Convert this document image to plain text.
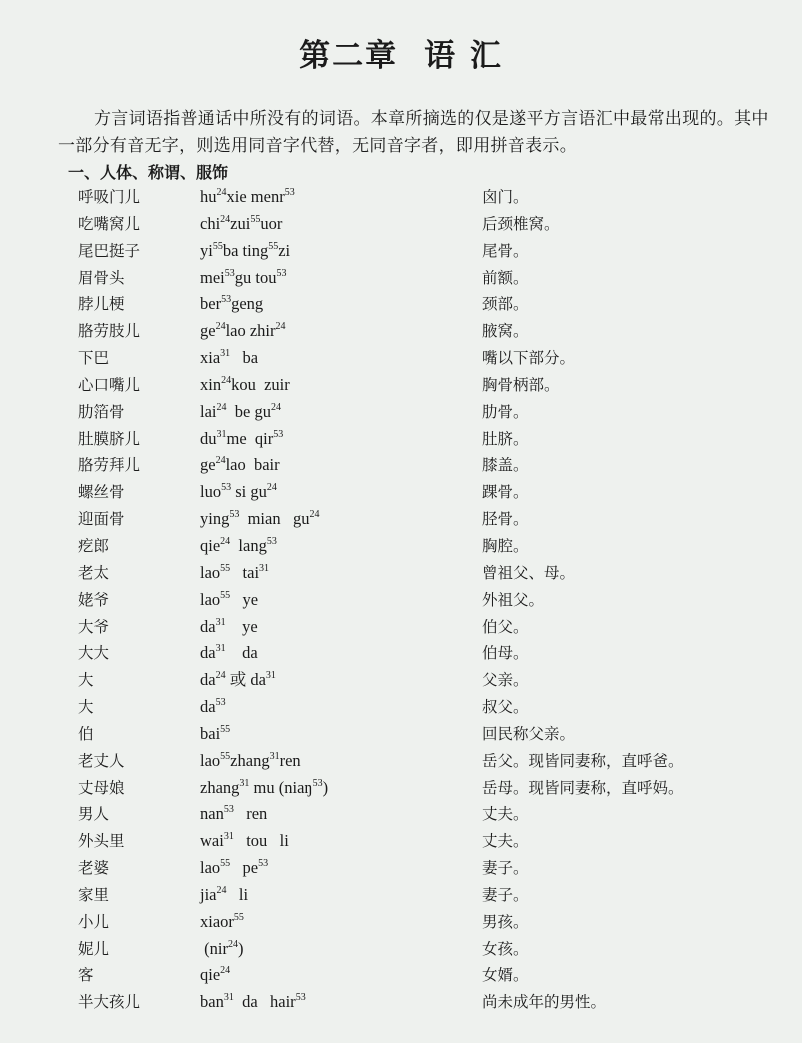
第二章 语 汇
方言词语指普通话中所没有的词语。本章所摘选的仅是遂平方言语汇中最常出现的。其中一部分有音无字，则选用同音字代替，无同音字者，即用拼音表示。
一、人体、称谓、服饰
呼吸门儿	$hu^{24}xie$ menr$^{53}$	囟门。
吃嘴窝儿	chi$^{24}$zui$^{55}$uor	后颈椎窝。
尾巴挺子	$yi^{55}ba$ ting$^{55}$zi	尾骨。
眉骨头	mei$^{53}$gu tou$^{53}$	前额。
脖儿梗	ber$^{53}$geng	颈部。
胳劳肢儿	$ge^{24}lao$ zhir$^{24}$	腋窝。
下巴	xia$^{31}$   ba	嘴以下部分。
心口嘴儿	xin$^{24}$kou  zuir	胸骨柄部。
肋箔骨	lai$^{24}$  be $gu^{24}$	肋骨。
肚膜脐儿	$du^{31}me$  qir$^{53}$	肚脐。
胳劳拜儿	$ge^{24}lao$  bair	膝盖。
螺丝骨	luo$^{53}$ si $gu^{24}$	踝骨。
迎面骨	ying$^{53}$  mian   $gu^{24}$	胫骨。
疙郎	qie$^{24}$  lang$^{53}$	胸腔。
老太	lao$^{55}$   tai$^{31}$	曾祖父、母。
姥爷	lao$^{55}$   ye	外祖父。
大爷	$da^{31}$    ye	伯父。
大大	$da^{31}$    da	伯母。
大	$da^{24}$ 或 $da^{31}$	父亲。
大	$da^{53}$	叔父。
伯	bai$^{55}$	回民称父亲。
老丈人	lao$^{55}$zhang$^{31}$ren	岳父。现皆同妻称，直呼爸。
丈母娘	zhang$^{31}$ mu (niaŋ$^{53}$)	岳母。现皆同妻称，直呼妈。
男人	nan$^{53}$   ren	丈夫。
外头里	wai$^{31}$   tou   li	丈夫。
老婆	lao$^{55}$   $pe^{53}$	妻子。
家里	jia$^{24}$   li	妻子。
小儿	xiaor$^{55}$	男孩。
妮儿	(nir$^{24}$)	女孩。
客	qie$^{24}$	女婿。
半大孩儿	ban$^{31}$  da   hair$^{53}$	尚未成年的男性。
